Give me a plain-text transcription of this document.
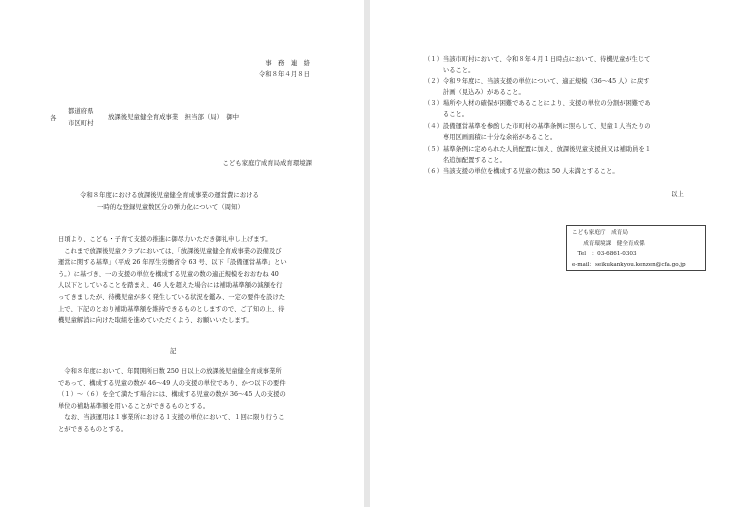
事　務　連　絡
令和８年４月８日
各
都道府県
市区町村
放課後児童健全育成事業　担当部（局）　御中
こども家庭庁成育局成育環境課
令和８年度における放課後児童健全育成事業の運営費における
一時的な登録児童数区分の弾力化について（周知）
日頃より、こども・子育て支援の推進に御尽力いただき御礼申し上げます。
　これまで放課後児童クラブにおいては、「放課後児童健全育成事業の設備及び
運営に関する基準」（平成 26 年厚生労働省令 63 号、以下「設備運営基準」とい
う。）に基づき、一の支援の単位を構成する児童の数の適正規模をおおむね 40
人以下としていることを踏まえ、46 人を超えた場合には補助基準額の減額を行
ってきましたが、待機児童が多く発生している状況を鑑み、一定の要件を設けた
上で、下記のとおり補助基準額を維持できるものとしますので、ご了知の上、待
機児童解消に向けた取組を進めていただくよう、お願いいたします。
記
　令和８年度において、年間開所日数 250 日以上の放課後児童健全育成事業所
であって、構成する児童の数が 46～49 人の支援の単位であり、かつ以下の要件
（１）～（６）を全て満たす場合には、構成する児童の数が 36～45 人の支援の
単位の補助基準額を用いることができるものとする。
　なお、当該運用は１事業所における１支援の単位において、１回に限り行うこ
とができるものとする。
（１）当該市町村において、令和８年４月１日時点において、待機児童が生じて
　　　いること。
（２）令和９年度に、当該支援の単位について、適正規模（36～45 人）に戻す
　　　計画（見込み）があること。
（３）場所や人材の確保が困難であることにより、支援の単位の分割が困難であ
　　　ること。
（４）設備運営基準を参酌した市町村の基準条例に照らして、児童１人当たりの
　　　専用区画面積に十分な余裕があること。
（５）基準条例に定められた人員配置に加え、放課後児童支援員又は補助員を１
　　　名追加配置すること。
（６）当該支援の単位を構成する児童の数は 50 人未満とすること。
以上
こども家庭庁　成育局
　　成育環境課　健全育成係
　Tel　：03-6861-0303
e-mail：seikukankyou.kenzen@cfa.go.jp
